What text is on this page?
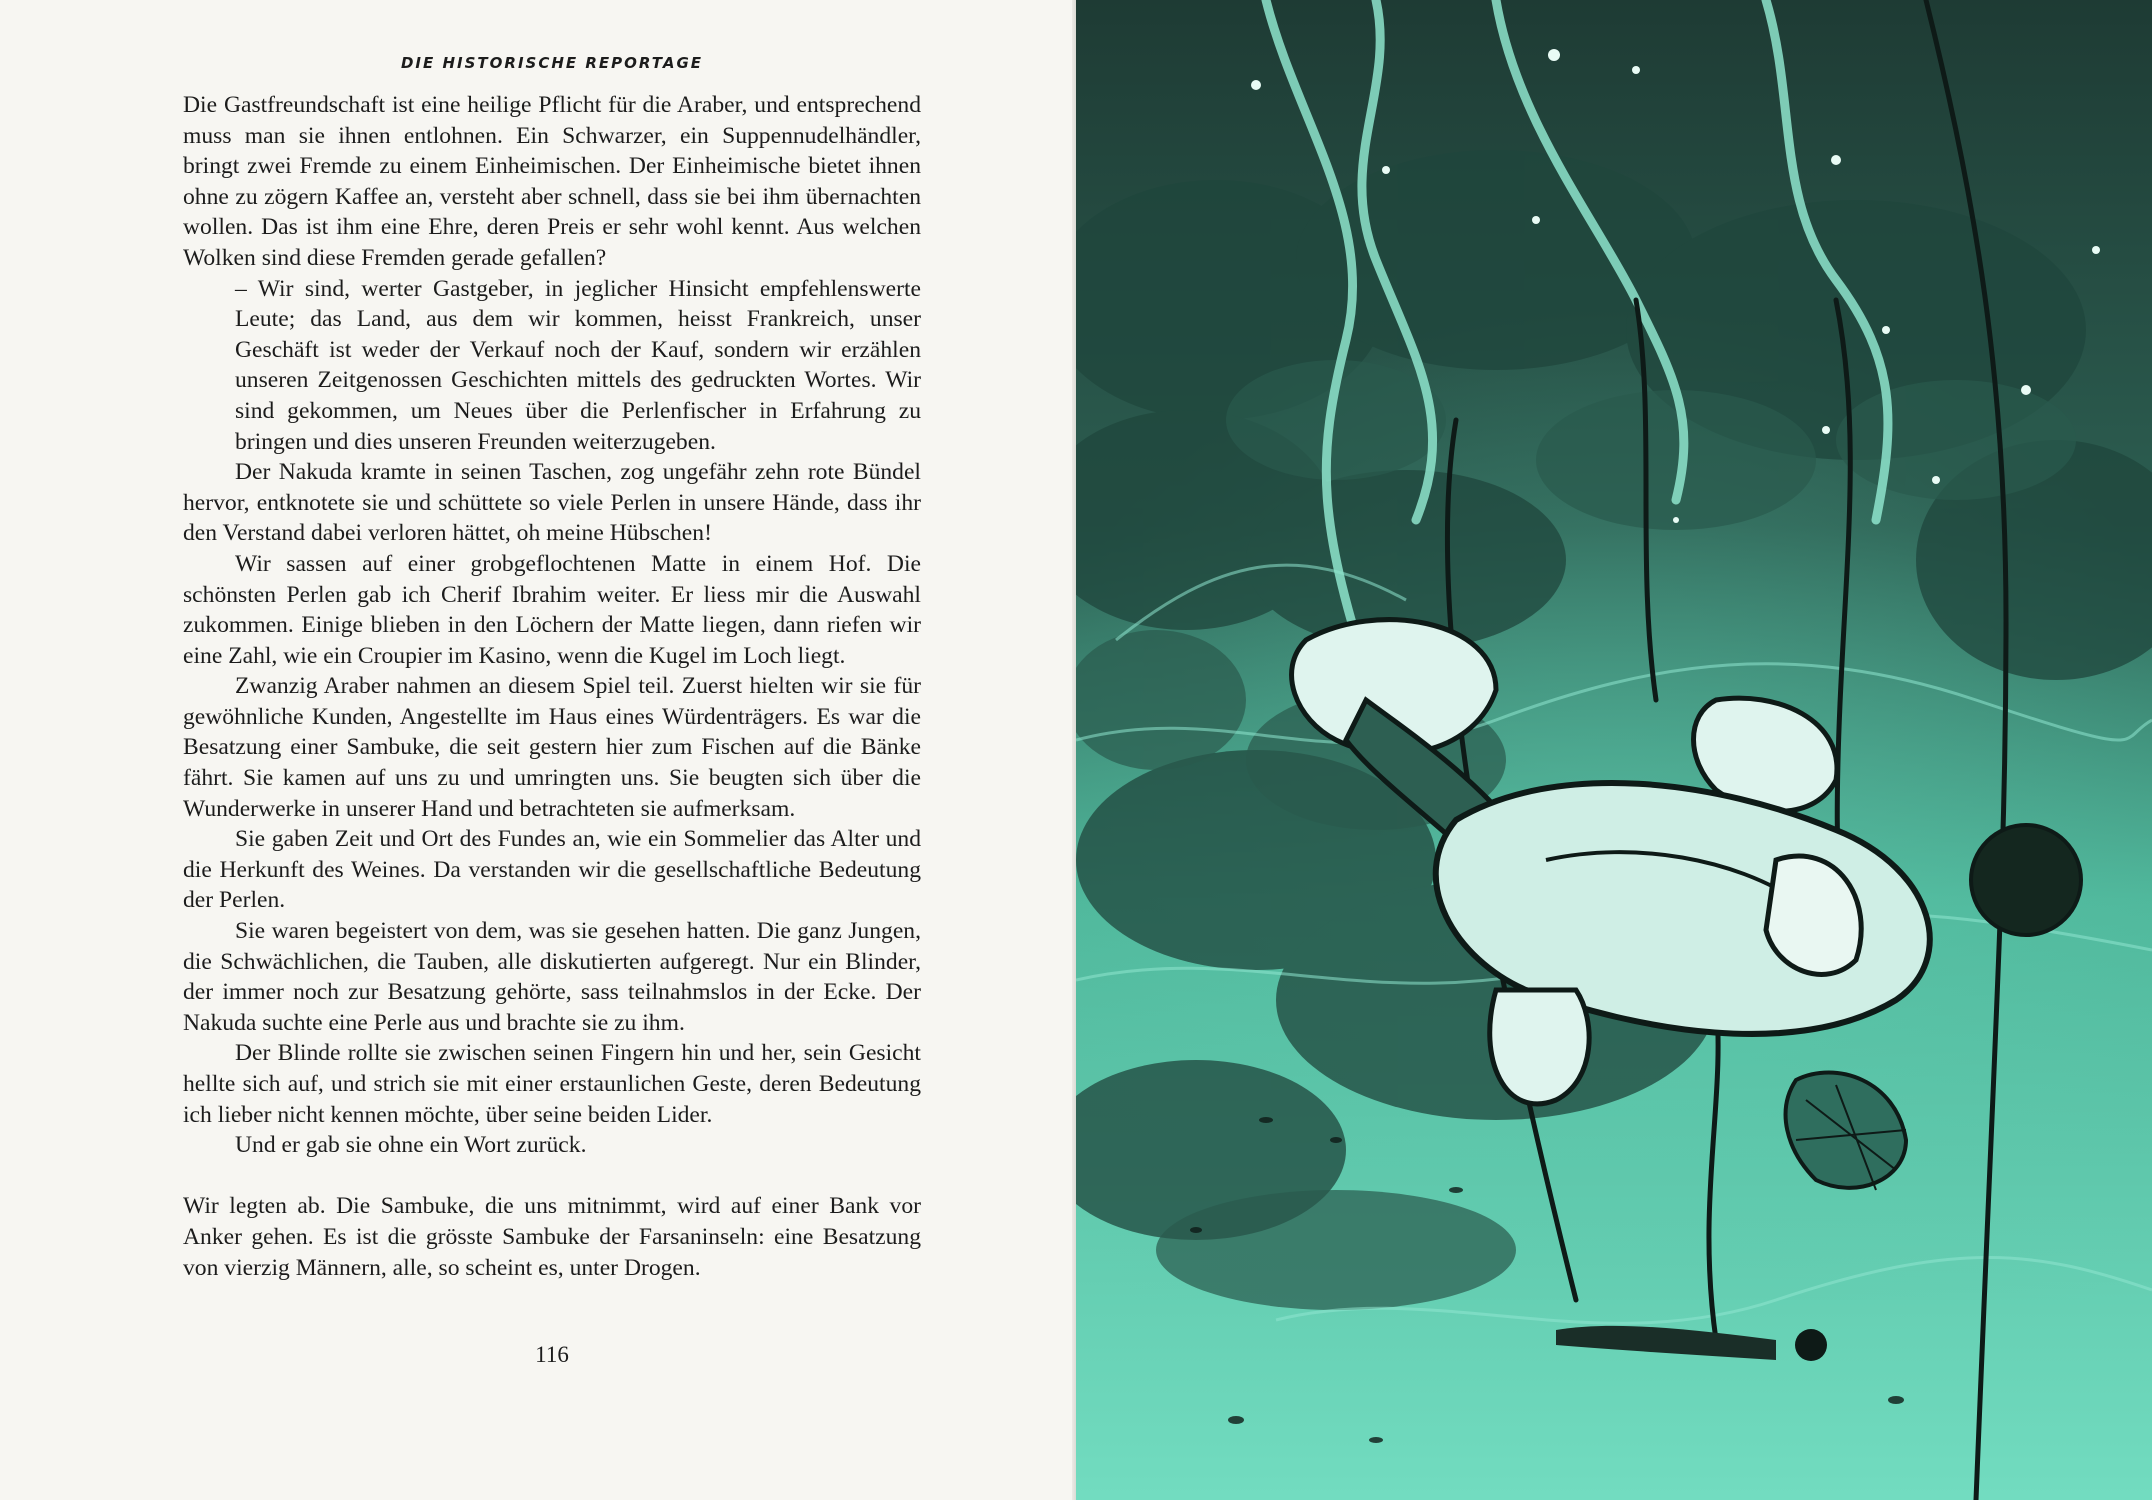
DIE HISTORISCHE REPORTAGE

Die Gastfreundschaft ist eine heilige Pflicht für die Araber, und entsprechend muss man sie ihnen entlohnen. Ein Schwarzer, ein Suppennudelhändler, bringt zwei Fremde zu einem Einheimischen. Der Einheimische bietet ihnen ohne zu zögern Kaffee an, versteht aber schnell, dass sie bei ihm übernachten wollen. Das ist ihm eine Ehre, deren Preis er sehr wohl kennt. Aus welchen Wolken sind diese Fremden gerade gefallen?

– Wir sind, werter Gastgeber, in jeglicher Hinsicht empfehlenswerte Leute; das Land, aus dem wir kommen, heisst Frankreich, unser Geschäft ist weder der Verkauf noch der Kauf, sondern wir erzählen unseren Zeitgenossen Geschichten mittels des gedruckten Wortes. Wir sind gekommen, um Neues über die Perlenfischer in Erfahrung zu bringen und dies unseren Freunden weiterzugeben.

Der Nakuda kramte in seinen Taschen, zog ungefähr zehn rote Bündel hervor, entknotete sie und schüttete so viele Perlen in unsere Hände, dass ihr den Verstand dabei verloren hättet, oh meine Hübschen!

Wir sassen auf einer grobgeflochtenen Matte in einem Hof. Die schönsten Perlen gab ich Cherif Ibrahim weiter. Er liess mir die Auswahl zukommen. Einige blieben in den Löchern der Matte liegen, dann riefen wir eine Zahl, wie ein Croupier im Kasino, wenn die Kugel im Loch liegt.

Zwanzig Araber nahmen an diesem Spiel teil. Zuerst hielten wir sie für gewöhnliche Kunden, Angestellte im Haus eines Würdenträgers. Es war die Besatzung einer Sambuke, die seit gestern hier zum Fischen auf die Bänke fährt. Sie kamen auf uns zu und umringten uns. Sie beugten sich über die Wunderwerke in unserer Hand und betrachteten sie aufmerksam.

Sie gaben Zeit und Ort des Fundes an, wie ein Sommelier das Alter und die Herkunft des Weines. Da verstanden wir die gesellschaftliche Bedeutung der Perlen.

Sie waren begeistert von dem, was sie gesehen hatten. Die ganz Jungen, die Schwächlichen, die Tauben, alle diskutierten aufgeregt. Nur ein Blinder, der immer noch zur Besatzung gehörte, sass teilnahmslos in der Ecke. Der Nakuda suchte eine Perle aus und brachte sie zu ihm.

Der Blinde rollte sie zwischen seinen Fingern hin und her, sein Gesicht hellte sich auf, und strich sie mit einer erstaunlichen Geste, deren Bedeutung ich lieber nicht kennen möchte, über seine beiden Lider.

Und er gab sie ohne ein Wort zurück.

Wir legten ab. Die Sambuke, die uns mitnimmt, wird auf einer Bank vor Anker gehen. Es ist die grösste Sambuke der Farsaninseln: eine Besatzung von vierzig Männern, alle, so scheint es, unter Drogen.

116
